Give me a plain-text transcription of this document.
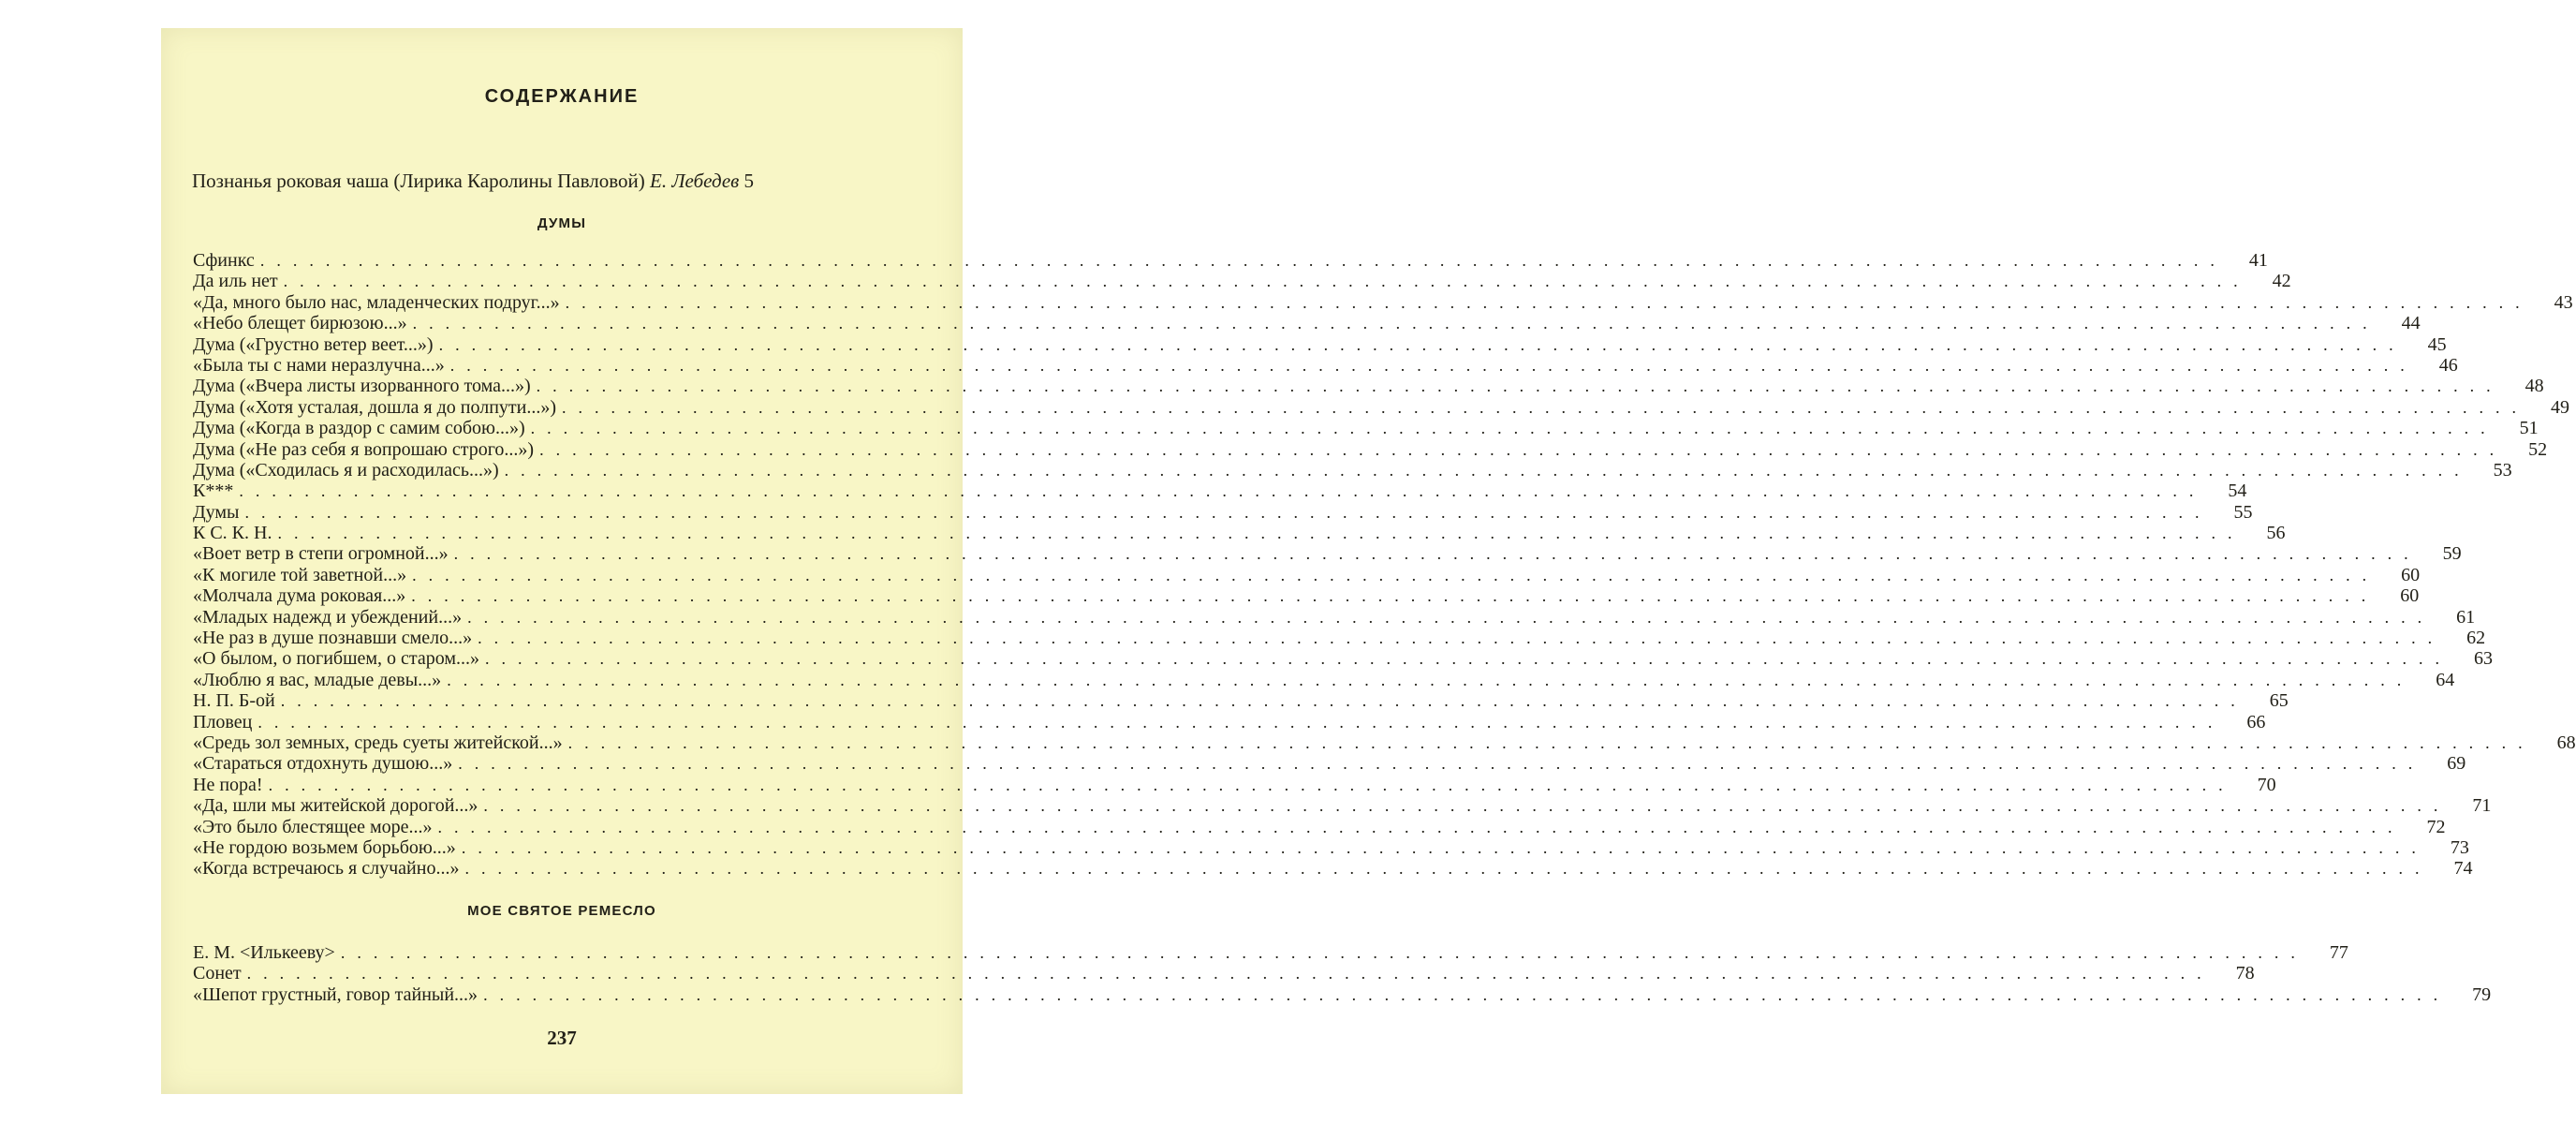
СОДЕРЖАНИЕ
Познанья роковая чаша (Лирика Каролины Павловой) Е. Лебедев 5
ДУМЫ
Сфинкс ........................................................................................................................	41
Да иль нет ........................................................................................................................	42
«Да, много было нас, младенческих подруг...» ........................................................................................................................	43
«Небо блещет бирюзою...» ........................................................................................................................	44
Дума («Грустно ветер веет...») ........................................................................................................................	45
«Была ты с нами неразлучна...» ........................................................................................................................	46
Дума («Вчера листы изорванного тома...») ........................................................................................................................	48
Дума («Хотя усталая, дошла я до полпути...») ........................................................................................................................	49
Дума («Когда в раздор с самим собою...») ........................................................................................................................	51
Дума («Не раз себя я вопрошаю строго...») ........................................................................................................................	52
Дума («Сходилась я и расходилась...») ........................................................................................................................	53
К*** ........................................................................................................................	54
Думы ........................................................................................................................	55
К С. К. Н. ........................................................................................................................	56
«Воет ветр в степи огромной...» ........................................................................................................................	59
«К могиле той заветной...» ........................................................................................................................	60
«Молчала дума роковая...» ........................................................................................................................	60
«Младых надежд и убеждений...» ........................................................................................................................	61
«Не раз в душе познавши смело...» ........................................................................................................................	62
«О былом, о погибшем, о старом...» ........................................................................................................................	63
«Люблю я вас, младые девы...» ........................................................................................................................	64
Н. П. Б-ой ........................................................................................................................	65
Пловец ........................................................................................................................	66
«Средь зол земных, средь суеты житейской...» ........................................................................................................................	68
«Стараться отдохнуть душою...» ........................................................................................................................	69
Не пора! ........................................................................................................................	70
«Да, шли мы житейской дорогой...» ........................................................................................................................	71
«Это было блестящее море...» ........................................................................................................................	72
«Не гордою возьмем борьбою...» ........................................................................................................................	73
«Когда встречаюсь я случайно...» ........................................................................................................................	74
МОЕ СВЯТОЕ РЕМЕСЛО
Е. М. <Илькееву> ........................................................................................................................	77
Сонет ........................................................................................................................	78
«Шепот грустный, говор тайный...» ........................................................................................................................	79
237
